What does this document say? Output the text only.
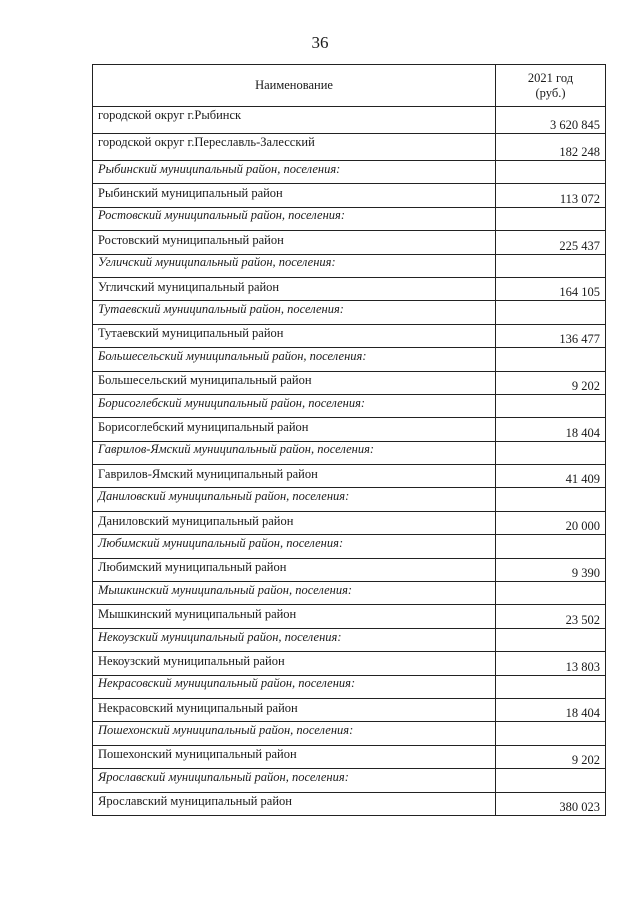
36
Наименование	2021 год
(руб.)

городской округ г.Рыбинск	3 620 845
городской округ г.Переславль-Залесский	182 248
Рыбинский муниципальный район, поселения:	
Рыбинский муниципальный район	113 072
Ростовский муниципальный район, поселения:	
Ростовский муниципальный район	225 437
Угличский муниципальный район, поселения:	
Угличский муниципальный район	164 105
Тутаевский муниципальный район, поселения:	
Тутаевский муниципальный район	136 477
Большесельский муниципальный район, поселения:	
Большесельский муниципальный район	9 202
Борисоглебский муниципальный район, поселения:	
Борисоглебский муниципальный район	18 404
Гаврилов-Ямский муниципальный район, поселения:	
Гаврилов-Ямский муниципальный район	41 409
Даниловский муниципальный район, поселения:	
Даниловский муниципальный район	20 000
Любимский муниципальный район, поселения:	
Любимский муниципальный район	9 390
Мышкинский муниципальный район, поселения:	
Мышкинский муниципальный район	23 502
Некоузский муниципальный район, поселения:	
Некоузский муниципальный район	13 803
Некрасовский муниципальный район, поселения:	
Некрасовский муниципальный район	18 404
Пошехонский муниципальный район, поселения:	
Пошехонский муниципальный район	9 202
Ярославский муниципальный район, поселения:	
Ярославский муниципальный район	380 023
